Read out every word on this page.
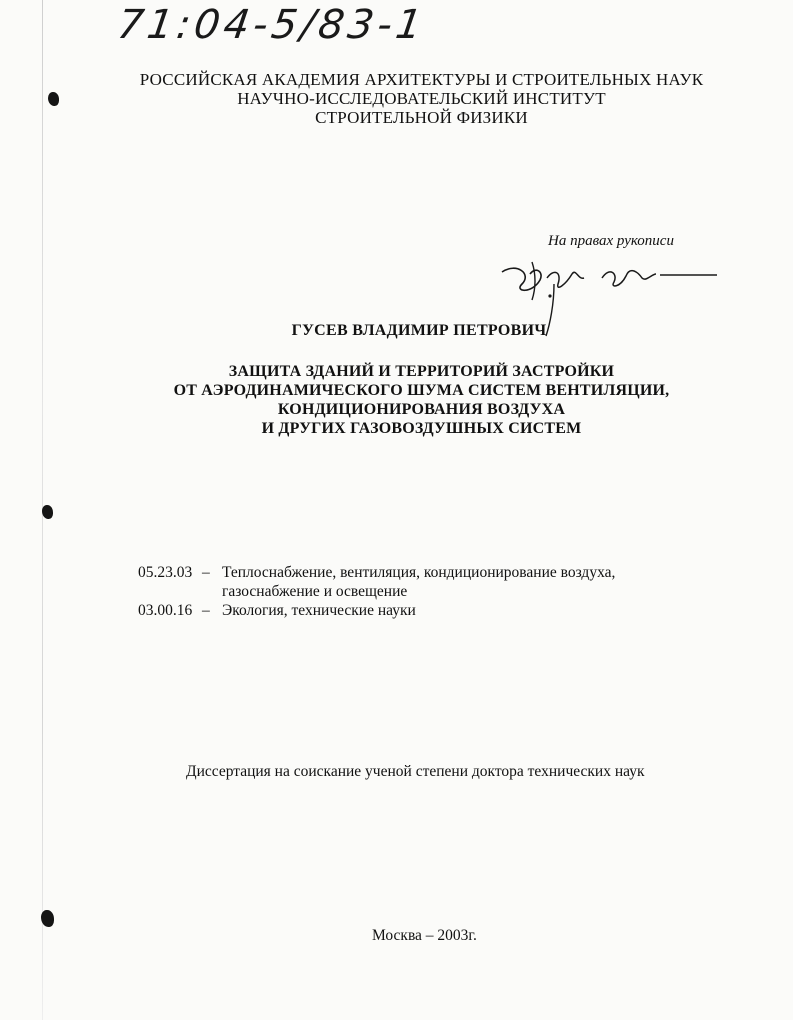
71:04-5/83-1
РОССИЙСКАЯ АКАДЕМИЯ АРХИТЕКТУРЫ И СТРОИТЕЛЬНЫХ НАУК
НАУЧНО-ИССЛЕДОВАТЕЛЬСКИЙ ИНСТИТУТ
СТРОИТЕЛЬНОЙ ФИЗИКИ
На правах рукописи
ГУСЕВ ВЛАДИМИР ПЕТРОВИЧ
ЗАЩИТА ЗДАНИЙ И ТЕРРИТОРИЙ ЗАСТРОЙКИ
ОТ АЭРОДИНАМИЧЕСКОГО ШУМА СИСТЕМ ВЕНТИЛЯЦИИ,
КОНДИЦИОНИРОВАНИЯ ВОЗДУХА
И ДРУГИХ ГАЗОВОЗДУШНЫХ СИСТЕМ
05.23.03 – Теплоснабжение, вентиляция, кондиционирование воздуха,
газоснабжение и освещение
03.00.16 – Экология, технические науки
Диссертация на соискание ученой степени доктора технических наук
Москва – 2003г.
